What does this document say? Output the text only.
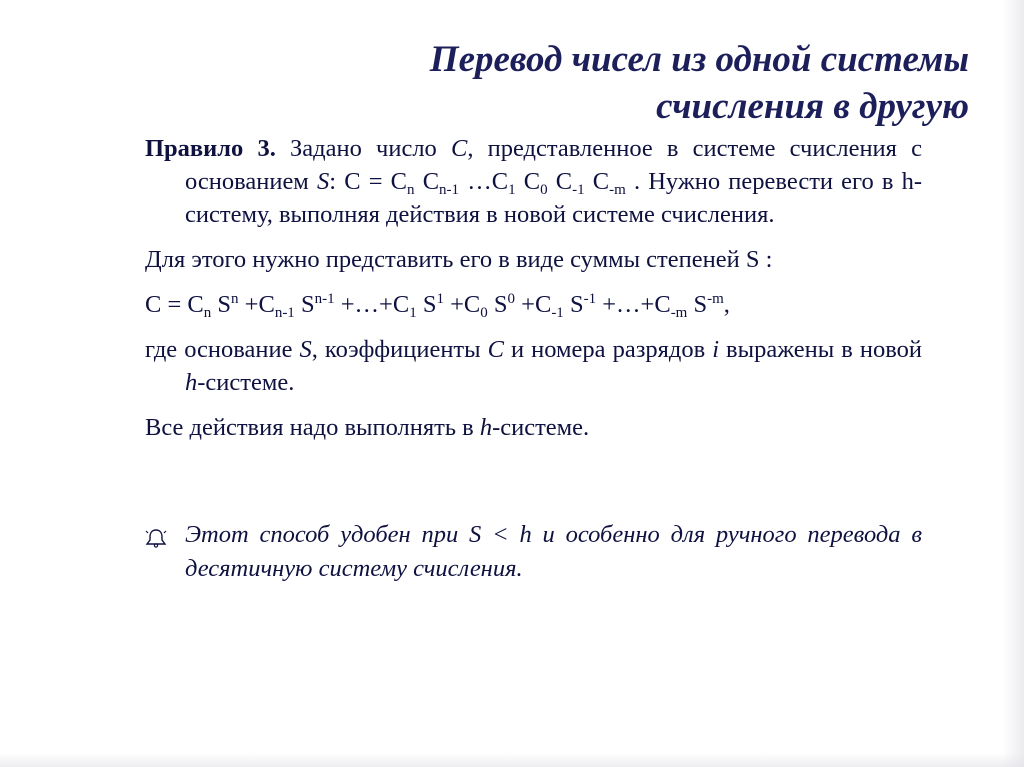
Перевод чисел из одной системы
счисления в другую

Правилo 3. Задано число C, представленное в системе счисления с основанием S: $C = C_n$ $C_{n-1}$ $\dots C_1$ $C_0$ $C_{-1}$ $C_{-m}$ . Нужно перевести его в h-систему, выполняя действия в новой системе счисления.

Для этого нужно представить его в виде суммы степеней S :

$C = C_n$ $S^n +C_{n-1}$ $S^{n-1}$ $+\dots+C_1$ $S^1 +C_0$ $S^0 +C_{-1}$ $S^{-1}$ $+\dots+C_{-m}$ $S^{-m}$,

где основание S, коэффициенты C и номера разрядов i выражены в новой h-системе.

Все действия надо выполнять в h-системе.

Этот способ удобен при S < h и особенно для ручного перевода в десятичную систему счисления.
